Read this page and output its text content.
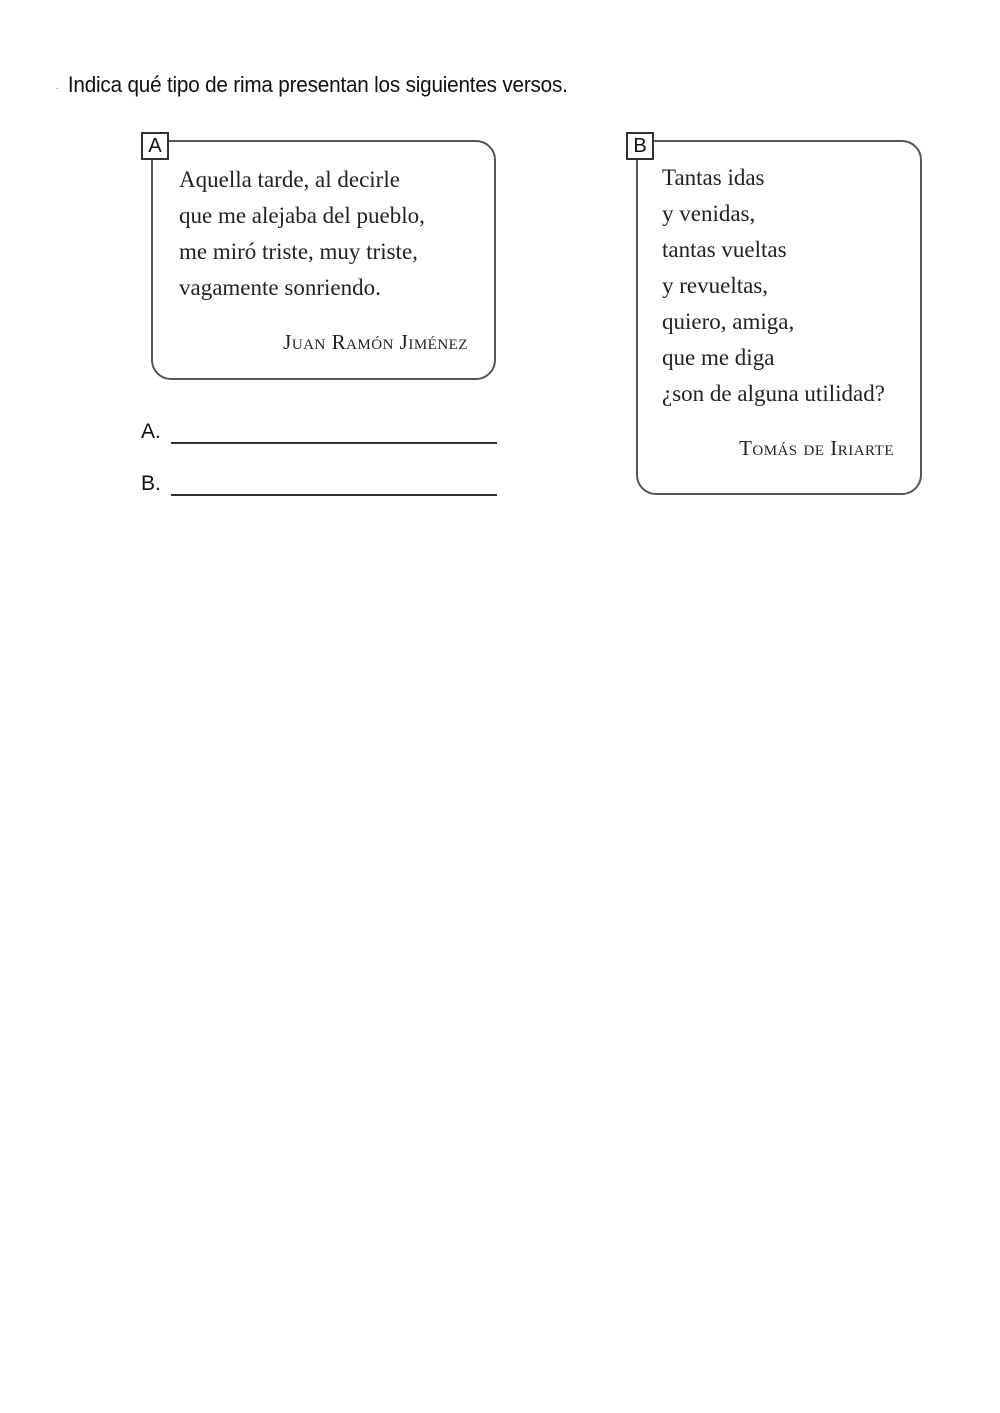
. Indica qué tipo de rima presentan los siguientes versos.
A
Aquella tarde, al decirle
que me alejaba del pueblo,
me miró triste, muy triste,
vagamente sonriendo.
Juan Ramón Jiménez
B
Tantas idas
y venidas,
tantas vueltas
y revueltas,
quiero, amiga,
que me diga
¿son de alguna utilidad?
Tomás de Iriarte
A.
B.
